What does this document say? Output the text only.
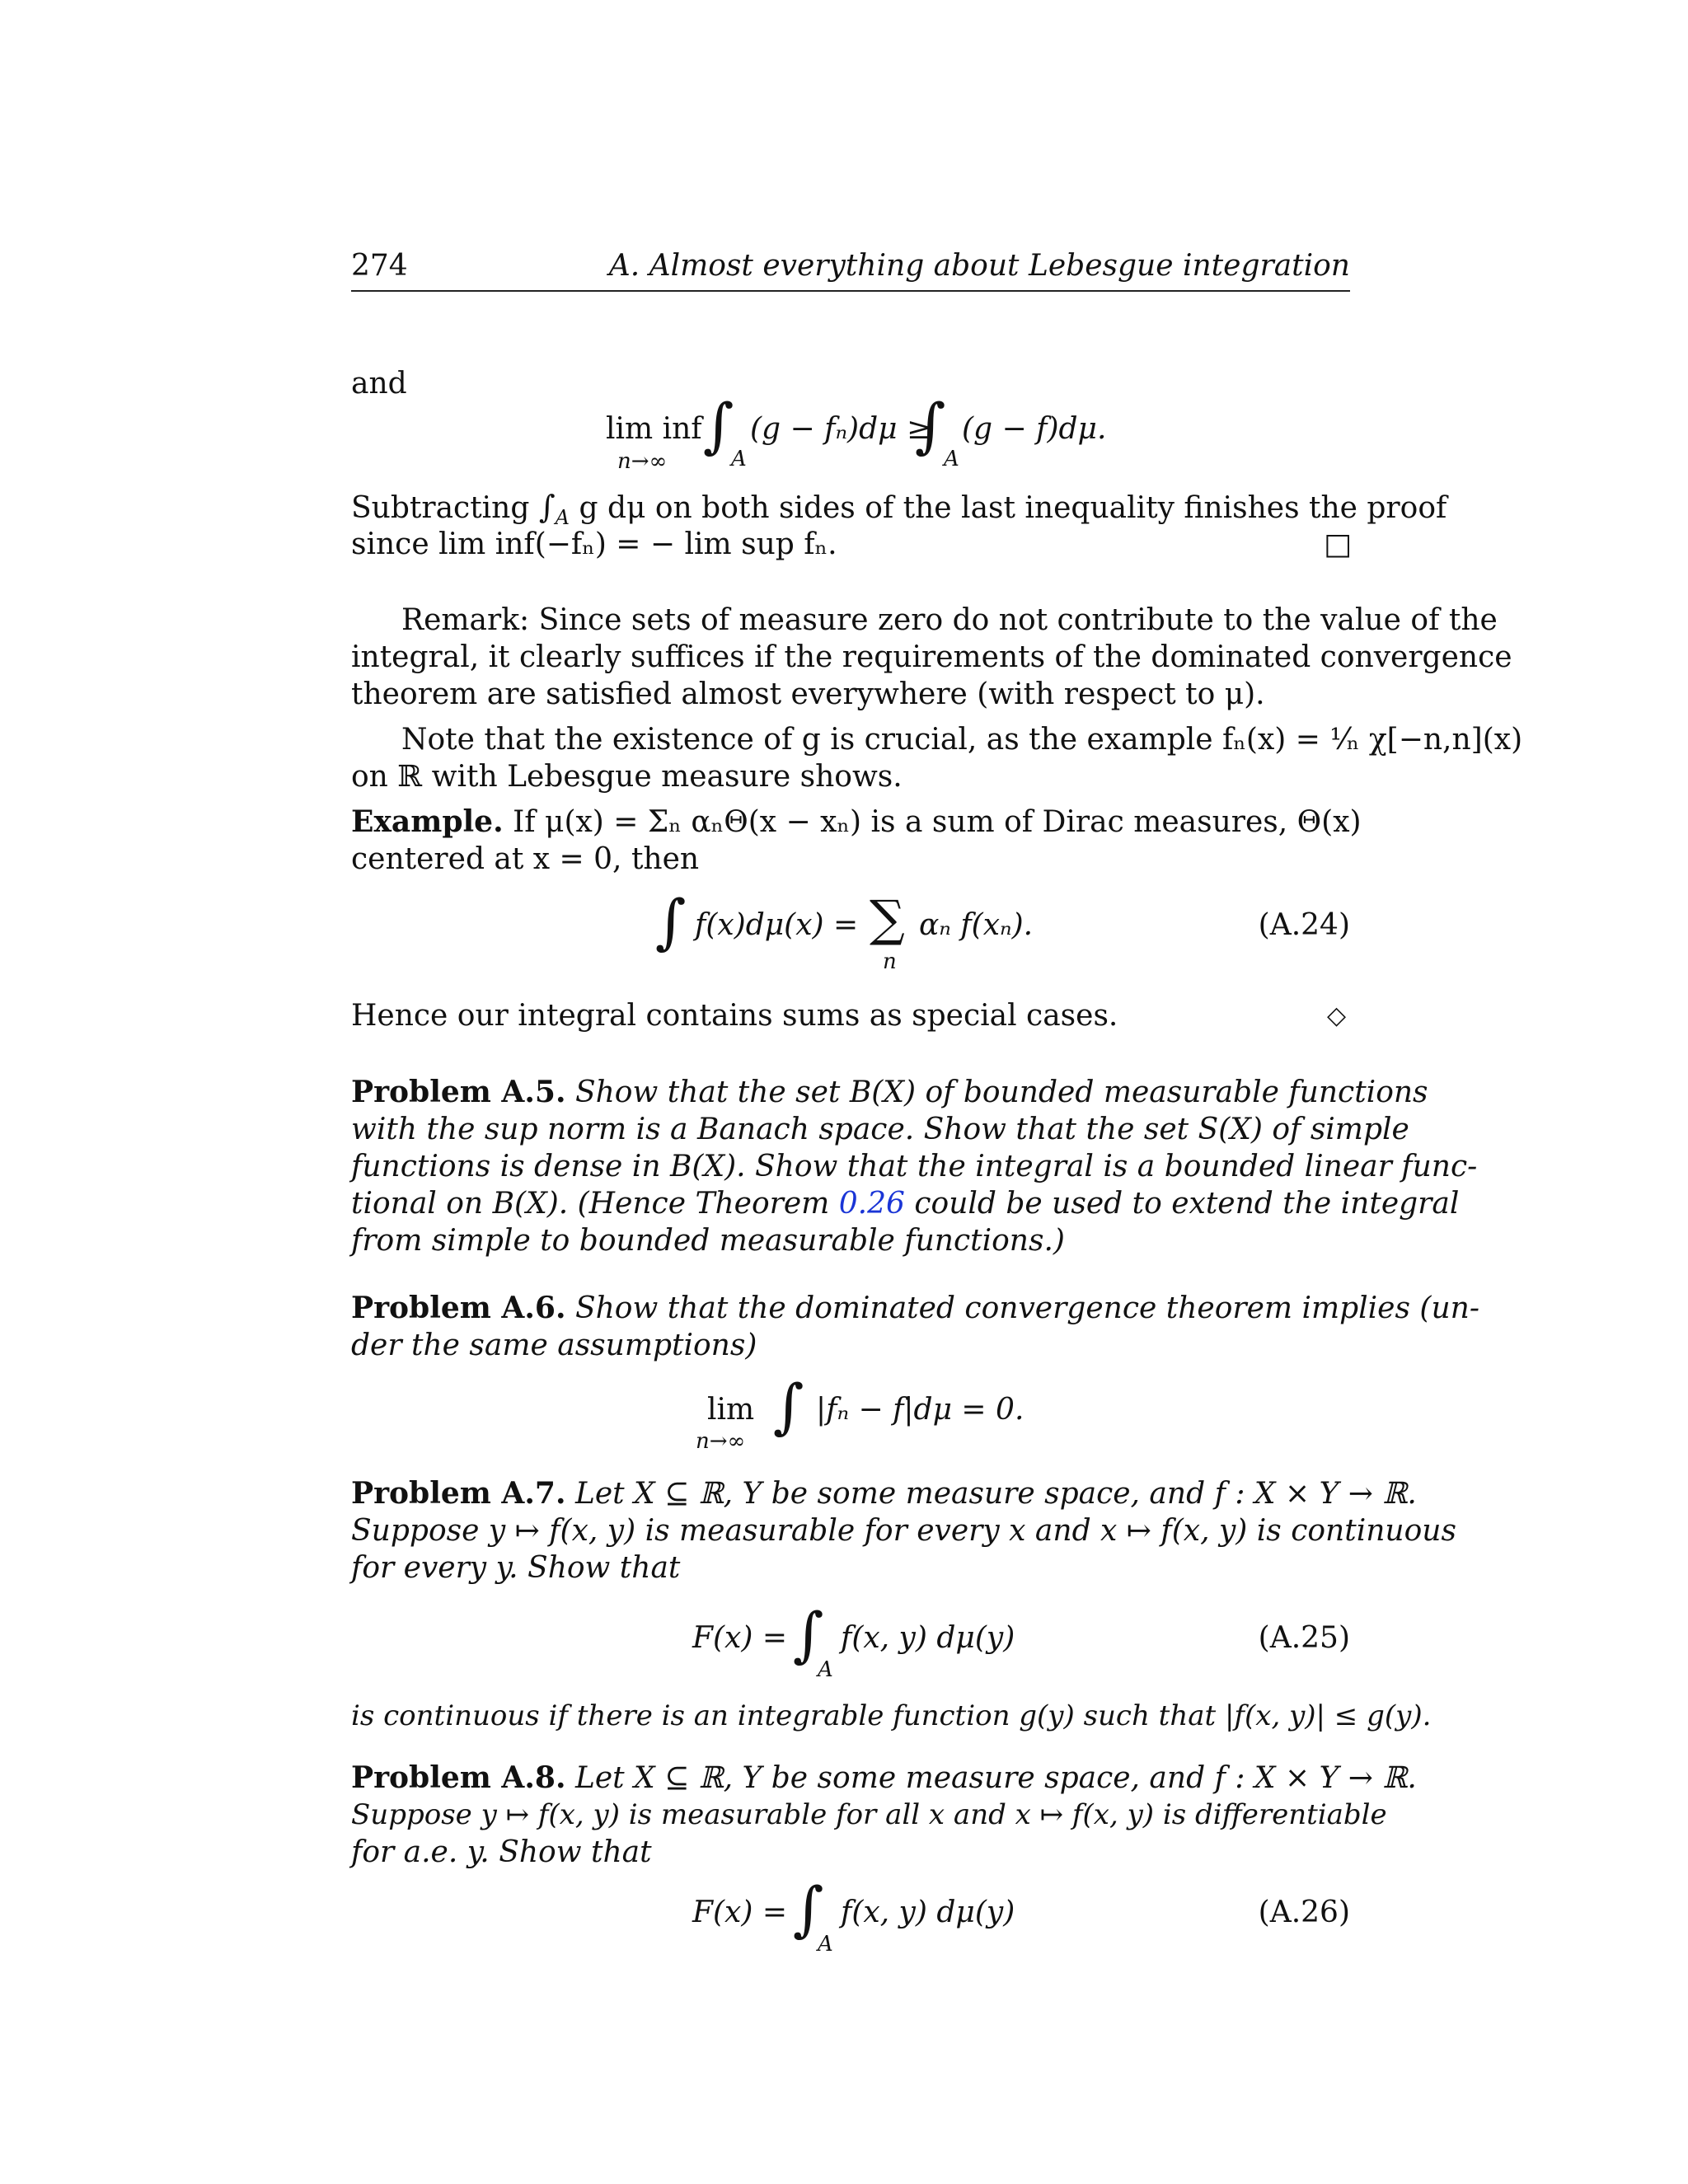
274	A. Almost everything about Lebesgue integration
and
lim inf
n→∞
∫
A
(g − fₙ)dμ ≥
∫
A
(g − f)dμ.
Subtracting $\int_A$ g dμ on both sides of the last inequality finishes the proof
since lim inf(−fₙ) = − lim sup fₙ.	□
Remark: Since sets of measure zero do not contribute to the value of the
integral, it clearly suffices if the requirements of the dominated convergence
theorem are satisfied almost everywhere (with respect to μ).
Note that the existence of g is crucial, as the example fₙ(x) = ¹⁄ₙ χ[−n,n](x)
on ℝ with Lebesgue measure shows.
Example. If μ(x) = Σₙ αₙΘ(x − xₙ) is a sum of Dirac measures, Θ(x)
centered at x = 0, then
∫ f(x)dμ(x) = ∑
n
αₙ f(xₙ).	(A.24)
Hence our integral contains sums as special cases.	◇
Problem A.5. Show that the set B(X) of bounded measurable functions
with the sup norm is a Banach space. Show that the set S(X) of simple
functions is dense in B(X). Show that the integral is a bounded linear func-
tional on B(X). (Hence Theorem 0.26 could be used to extend the integral
from simple to bounded measurable functions.)
Problem A.6. Show that the dominated convergence theorem implies (un-
der the same assumptions)
lim
n→∞
∫ |fₙ − f|dμ = 0.
Problem A.7. Let X ⊆ ℝ, Y be some measure space, and f : X × Y → ℝ.
Suppose y ↦ f(x, y) is measurable for every x and x ↦ f(x, y) is continuous
for every y. Show that
F(x) = ∫
A
f(x, y) dμ(y)	(A.25)
is continuous if there is an integrable function g(y) such that |f(x, y)| ≤ g(y).
Problem A.8. Let X ⊆ ℝ, Y be some measure space, and f : X × Y → ℝ.
Suppose y ↦ f(x, y) is measurable for all x and x ↦ f(x, y) is differentiable
for a.e. y. Show that
F(x) = ∫
A
f(x, y) dμ(y)	(A.26)
